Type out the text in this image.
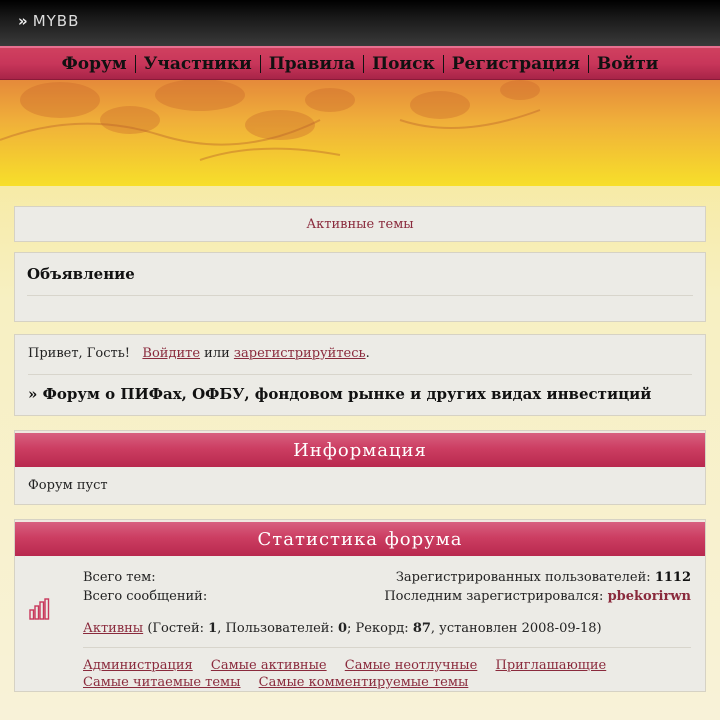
» MYBB
Форум	Участники	Правила	Поиск	Регистрация	Войти
Активные темы
Объявление
Привет, Гость! Войдите или зарегистрируйтесь.
» Форум о ПИФах, ОФБУ, фондовом рынке и других видах инвестиций
Информация
Форум пуст
Статистика форума
Всего тем:	Зарегистрированных пользователей: 1112
Всего сообщений:	Последним зарегистрировался: pbekorirwn
Активны (Гостей: 1, Пользователей: 0; Рекорд: 87, установлен 2008-09-18)
Администрация Самые активные Самые неотлучные Приглашающие
Самые читаемые темы Самые комментируемые темы
